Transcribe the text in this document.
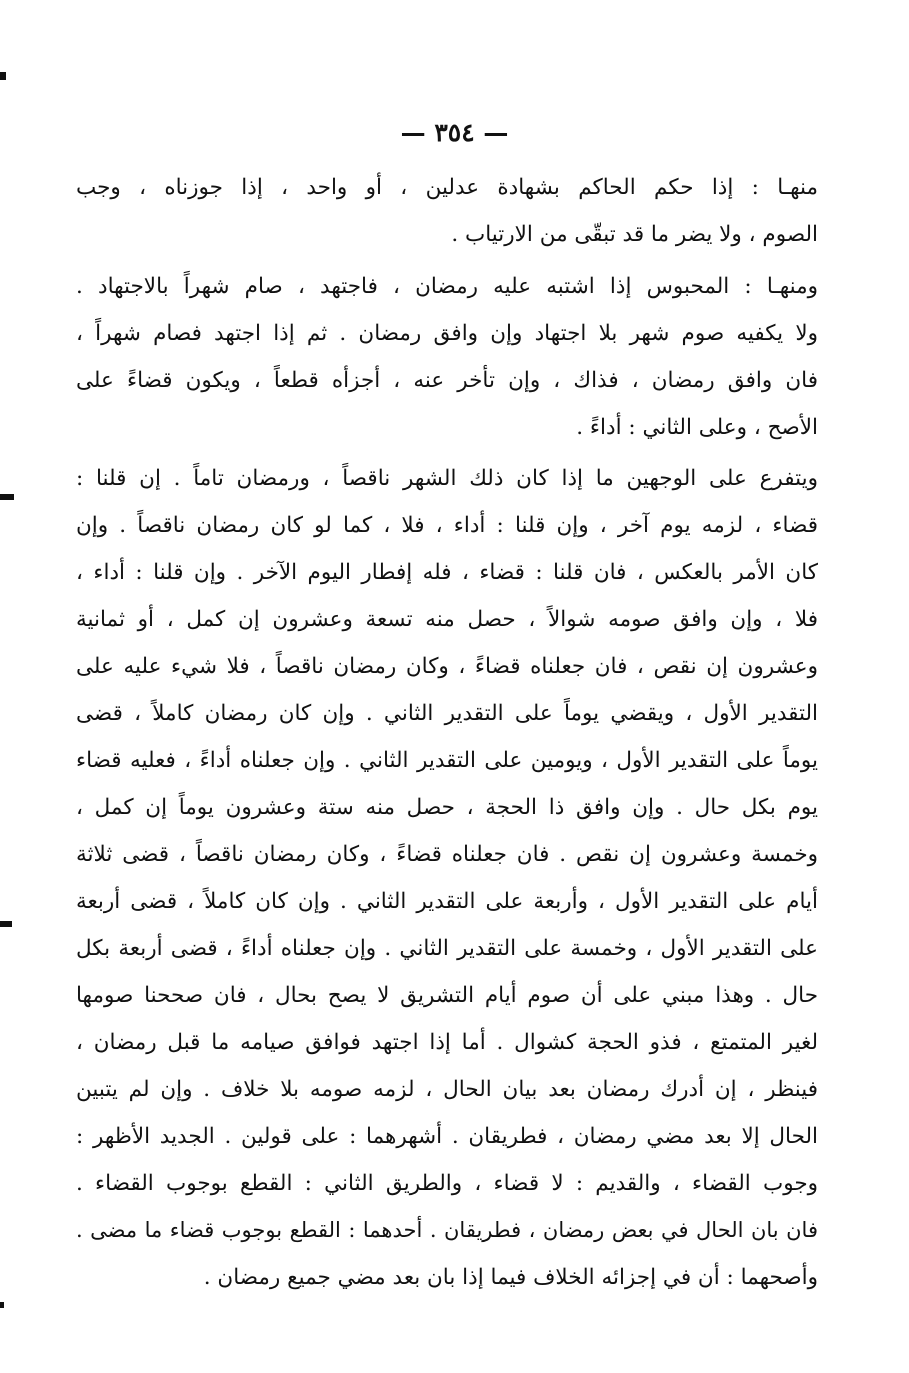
— ٣٥٤ —
منهـا : إذا حكم الحاكم بشهادة عدلين ، أو واحد ، إذا جوزناه ، وجب
الصوم ، ولا يضر ما قد تبقّى من الارتياب .
ومنهـا : المحبوس إذا اشتبه عليه رمضان ، فاجتهد ، صام شهراً بالاجتهاد .
ولا يكفيه صوم شهر بلا اجتهاد وإن وافق رمضان . ثم إذا اجتهد فصام شهراً ،
فان وافق رمضان ، فذاك ، وإن تأخر عنه ، أجزأه قطعاً ، ويكون قضاءً على
الأصح ، وعلى الثاني : أداءً .
ويتفرع على الوجهين ما إذا كان ذلك الشهر ناقصاً ، ورمضان تاماً . إن قلنا :
قضاء ، لزمه يوم آخر ، وإن قلنا : أداء ، فلا ، كما لو كان رمضان ناقصاً . وإن
كان الأمر بالعكس ، فان قلنا : قضاء ، فله إفطار اليوم الآخر . وإن قلنا : أداء ،
فلا ، وإن وافق صومه شوالاً ، حصل منه تسعة وعشرون إن كمل ، أو ثمانية
وعشرون إن نقص ، فان جعلناه قضاءً ، وكان رمضان ناقصاً ، فلا شيء عليه على
التقدير الأول ، ويقضي يوماً على التقدير الثاني . وإن كان رمضان كاملاً ، قضى
يوماً على التقدير الأول ، ويومين على التقدير الثاني . وإن جعلناه أداءً ، فعليه قضاء
يوم بكل حال . وإن وافق ذا الحجة ، حصل منه ستة وعشرون يوماً إن كمل ،
وخمسة وعشرون إن نقص . فان جعلناه قضاءً ، وكان رمضان ناقصاً ، قضى ثلاثة
أيام على التقدير الأول ، وأربعة على التقدير الثاني . وإن كان كاملاً ، قضى أربعة
على التقدير الأول ، وخمسة على التقدير الثاني . وإن جعلناه أداءً ، قضى أربعة بكل
حال . وهذا مبني على أن صوم أيام التشريق لا يصح بحال ، فان صححنا صومها
لغير المتمتع ، فذو الحجة كشوال . أما إذا اجتهد فوافق صيامه ما قبل رمضان ،
فينظر ، إن أدرك رمضان بعد بيان الحال ، لزمه صومه بلا خلاف . وإن لم يتبين
الحال إلا بعد مضي رمضان ، فطريقان . أشهرهما : على قولين . الجديد الأظهر :
وجوب القضاء ، والقديم : لا قضاء ، والطريق الثاني : القطع بوجوب القضاء .
فان بان الحال في بعض رمضان ، فطريقان . أحدهما : القطع بوجوب قضاء ما مضى .
وأصحهما : أن في إجزائه الخلاف فيما إذا بان بعد مضي جميع رمضان .
